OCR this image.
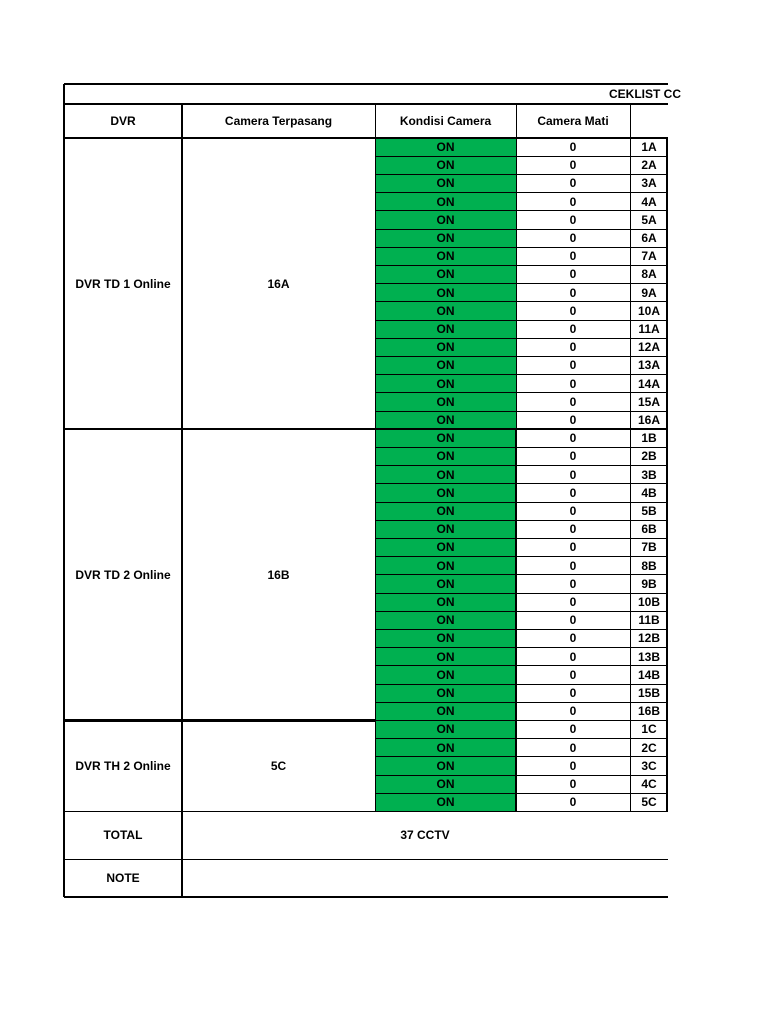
CEKLIST CC
DVR	Camera Terpasang	Kondisi Camera	Camera Mati
DVR TD 1 Online	16A
ON	0	1A
ON	0	2A
ON	0	3A
ON	0	4A
ON	0	5A
ON	0	6A
ON	0	7A
ON	0	8A
ON	0	9A
ON	0	10A
ON	0	11A
ON	0	12A
ON	0	13A
ON	0	14A
ON	0	15A
ON	0	16A
DVR TD 2 Online	16B
ON	0	1B
ON	0	2B
ON	0	3B
ON	0	4B
ON	0	5B
ON	0	6B
ON	0	7B
ON	0	8B
ON	0	9B
ON	0	10B
ON	0	11B
ON	0	12B
ON	0	13B
ON	0	14B
ON	0	15B
ON	0	16B
DVR TH 2 Online	5C
ON	0	1C
ON	0	2C
ON	0	3C
ON	0	4C
ON	0	5C
TOTAL	37 CCTV
NOTE
